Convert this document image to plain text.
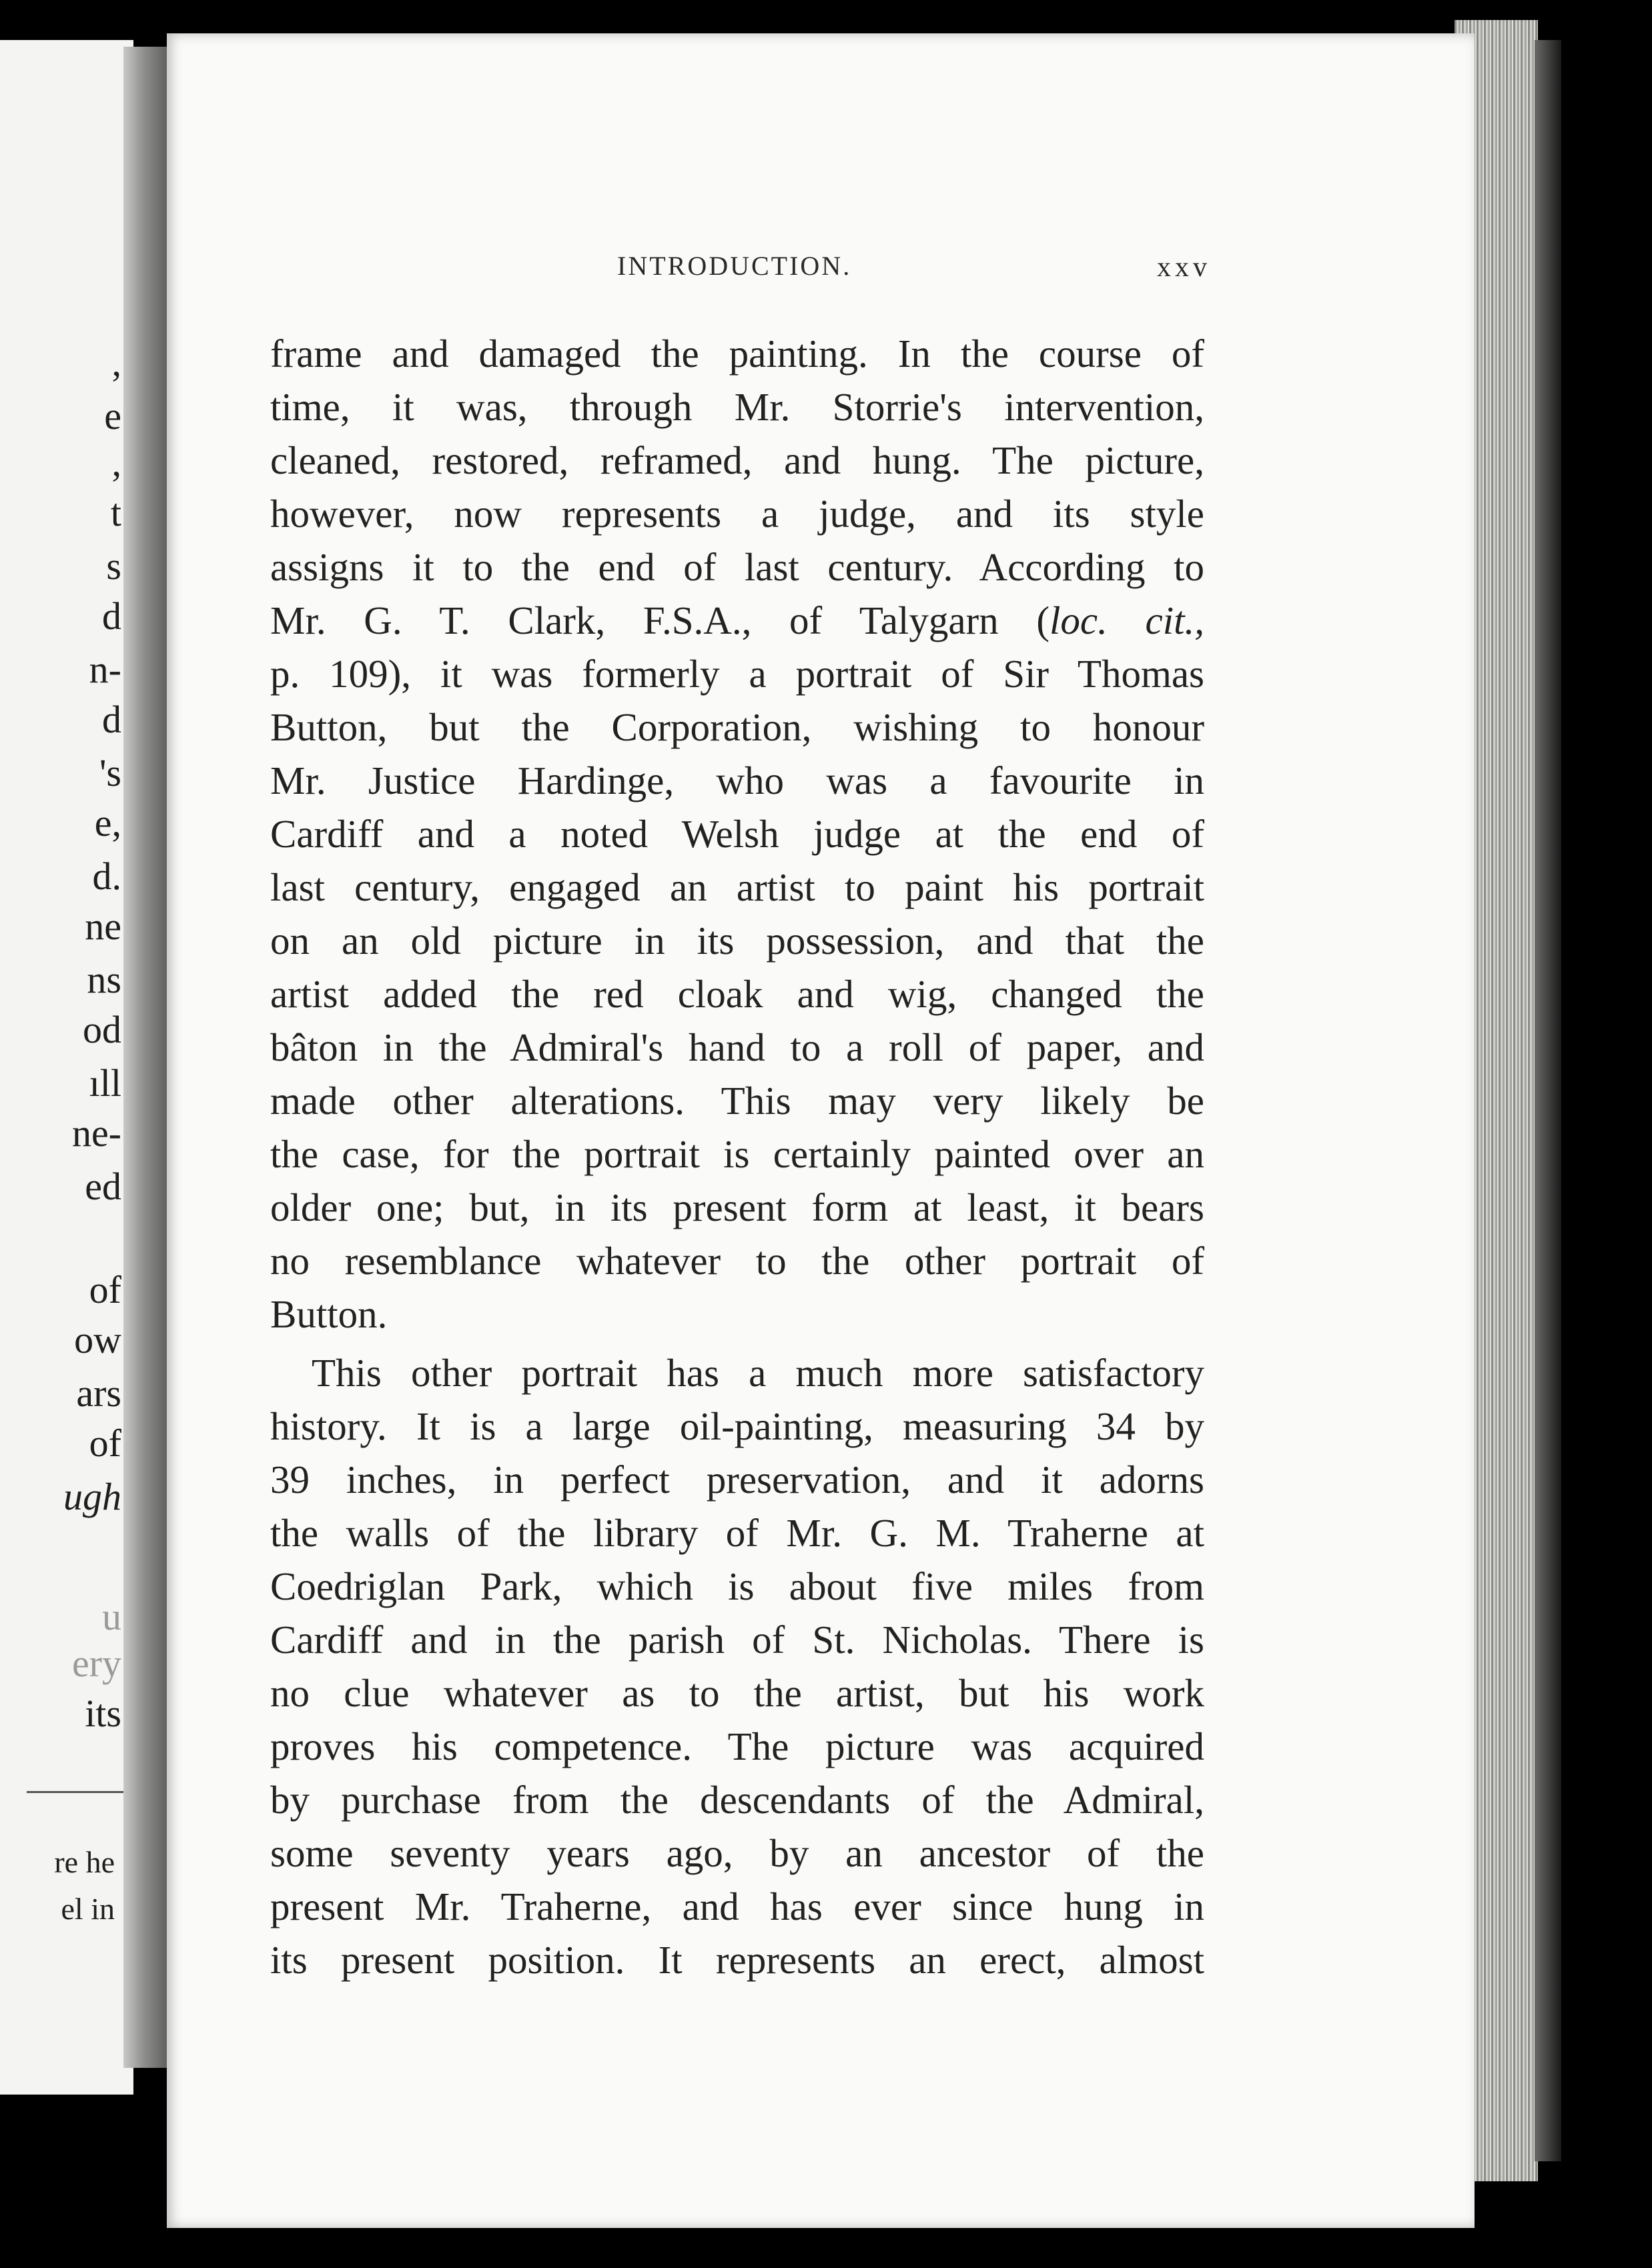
,
e
,
t
s
d
n-
d
's
e,
d.
ne
ns
od
ıll
ne-
ed
of
ow
ars
of
ugh
u
ery
its
re he
el in
INTRODUCTION.	xxv
frame and damaged the painting. In the course of
time, it was, through Mr. Storrie's intervention,
cleaned, restored, reframed, and hung. The picture,
however, now represents a judge, and its style
assigns it to the end of last century. According to
Mr. G. T. Clark, F.S.A., of Talygarn (loc. cit.,
p. 109), it was formerly a portrait of Sir Thomas
Button, but the Corporation, wishing to honour
Mr. Justice Hardinge, who was a favourite in
Cardiff and a noted Welsh judge at the end of
last century, engaged an artist to paint his portrait
on an old picture in its possession, and that the
artist added the red cloak and wig, changed the
bâton in the Admiral's hand to a roll of paper, and
made other alterations. This may very likely be
the case, for the portrait is certainly painted over an
older one; but, in its present form at least, it bears
no resemblance whatever to the other portrait of
Button.
This other portrait has a much more satisfactory
history. It is a large oil-painting, measuring 34 by
39 inches, in perfect preservation, and it adorns
the walls of the library of Mr. G. M. Traherne at
Coedriglan Park, which is about five miles from
Cardiff and in the parish of St. Nicholas. There is
no clue whatever as to the artist, but his work
proves his competence. The picture was acquired
by purchase from the descendants of the Admiral,
some seventy years ago, by an ancestor of the
present Mr. Traherne, and has ever since hung in
its present position. It represents an erect, almost
